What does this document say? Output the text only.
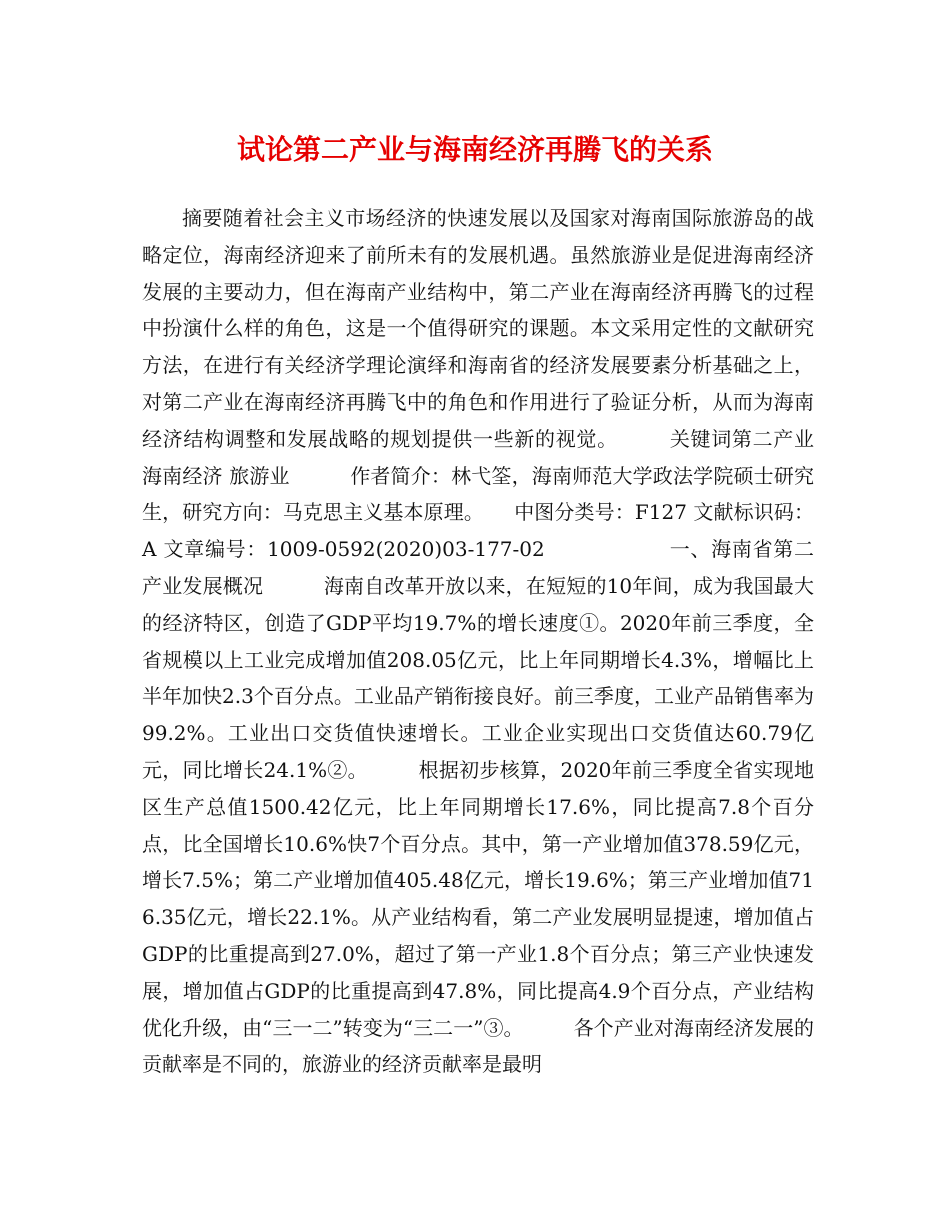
试论第二产业与海南经济再腾飞的关系

摘要随着社会主义市场经济的快速发展以及国家对海南国际旅游岛的战略定位，海南经济迎来了前所未有的发展机遇。虽然旅游业是促进海南经济发展的主要动力，但在海南产业结构中，第二产业在海南经济再腾飞的过程中扮演什么样的角色，这是一个值得研究的课题。本文采用定性的文献研究方法，在进行有关经济学理论演绎和海南省的经济发展要素分析基础之上，对第二产业在海南经济再腾飞中的角色和作用进行了验证分析，从而为海南经济结构调整和发展战略的规划提供一些新的视觉。　　　关键词第二产业 海南经济 旅游业　　　作者简介：林弋筌，海南师范大学政法学院硕士研究生，研究方向：马克思主义基本原理。　　中图分类号：F127 文献标识码：A 文章编号：1009-0592(2020)03-177-02　　　　　　一、海南省第二产业发展概况　　　海南自改革开放以来，在短短的10年间，成为我国最大的经济特区，创造了GDP平均19.7%的增长速度①。2020年前三季度，全省规模以上工业完成增加值208.05亿元，比上年同期增长4.3%，增幅比上半年加快2.3个百分点。工业品产销衔接良好。前三季度，工业产品销售率为99.2%。工业出口交货值快速增长。工业企业实现出口交货值达60.79亿元，同比增长24.1%②。　　　根据初步核算，2020年前三季度全省实现地区生产总值1500.42亿元，比上年同期增长17.6%，同比提高7.8个百分点，比全国增长10.6%快7个百分点。其中，第一产业增加值378.59亿元，增长7.5%；第二产业增加值405.48亿元，增长19.6%；第三产业增加值716.35亿元，增长22.1%。从产业结构看，第二产业发展明显提速，增加值占GDP的比重提高到27.0%，超过了第一产业1.8个百分点；第三产业快速发展，增加值占GDP的比重提高到47.8%，同比提高4.9个百分点，产业结构优化升级，由“三一二”转变为“三二一”③。　　　各个产业对海南经济发展的贡献率是不同的，旅游业的经济贡献率是最明
